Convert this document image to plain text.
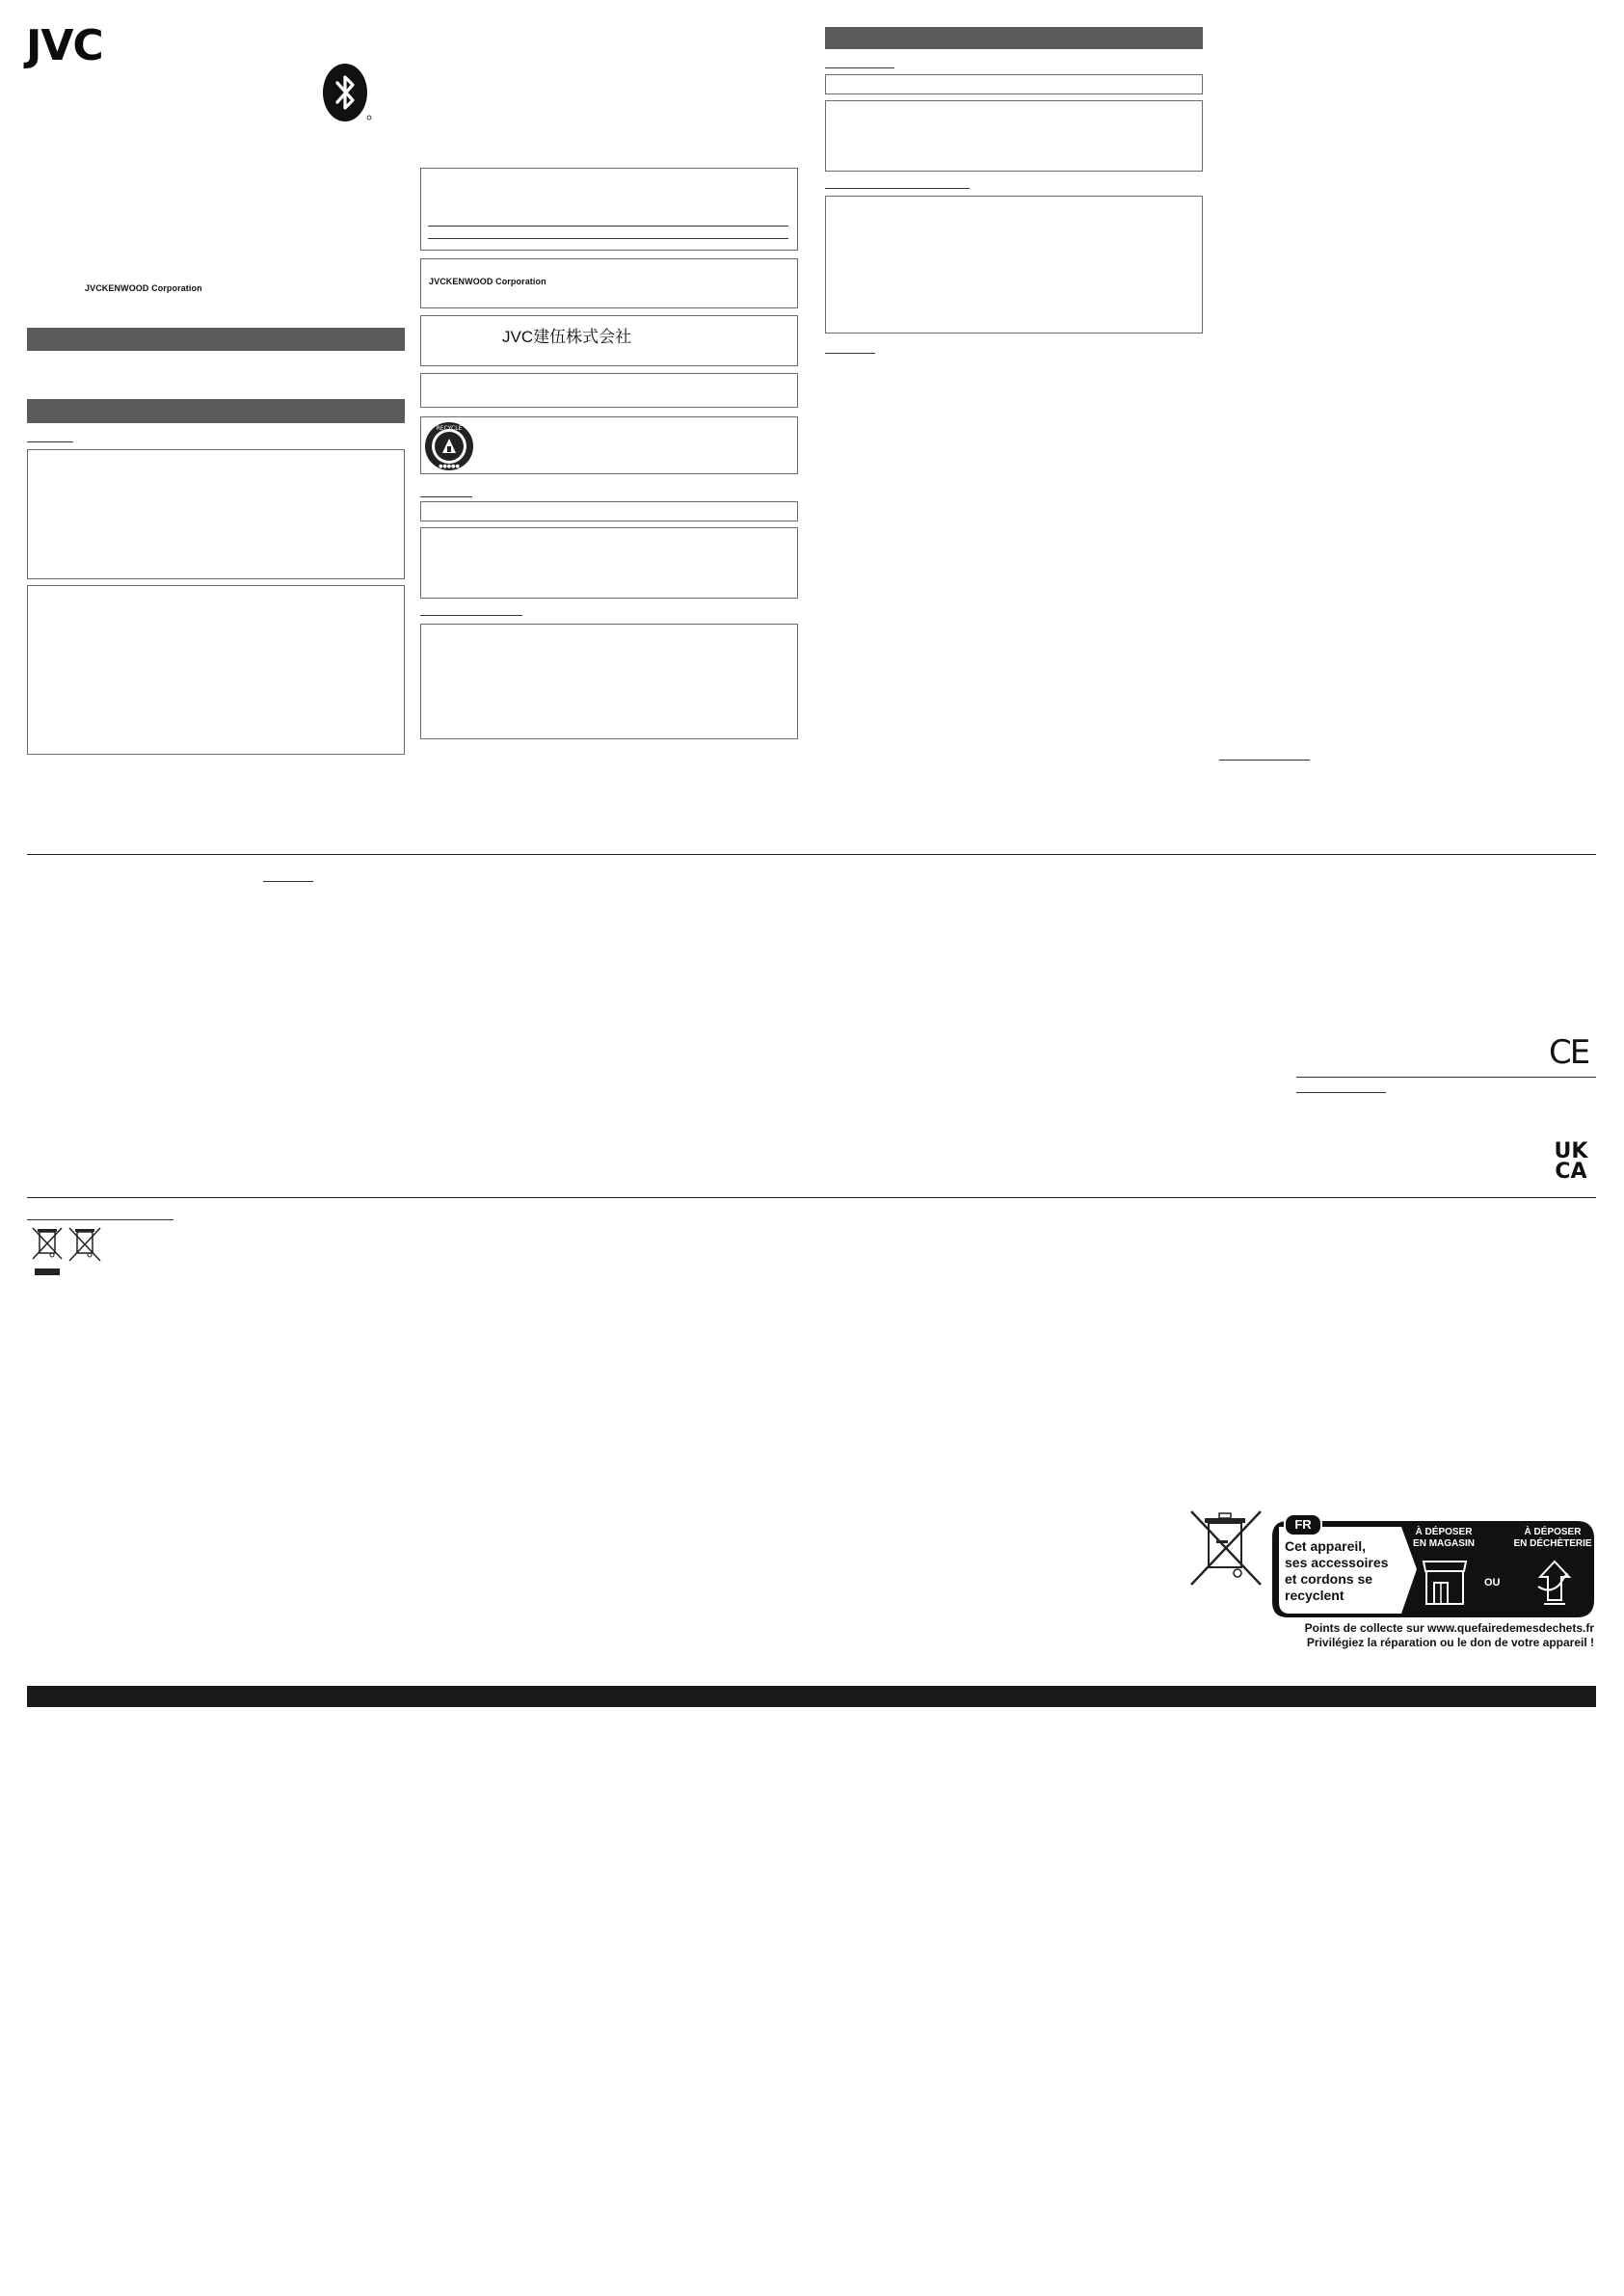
JVC
JVCKENWOOD Corporation
JVCKENWOOD Corporation
JVC建伍株式会社
RECYCLE
●●●●●
CE
UK
CA
FR
Cet appareil,
ses accessoires
et cordons se
recyclent
À DÉPOSER
EN MAGASIN
OU
À DÉPOSER
EN DÉCHÈTERIE
Points de collecte sur www.quefairedemesdechets.fr
Privilégiez la réparation ou le don de votre appareil !
